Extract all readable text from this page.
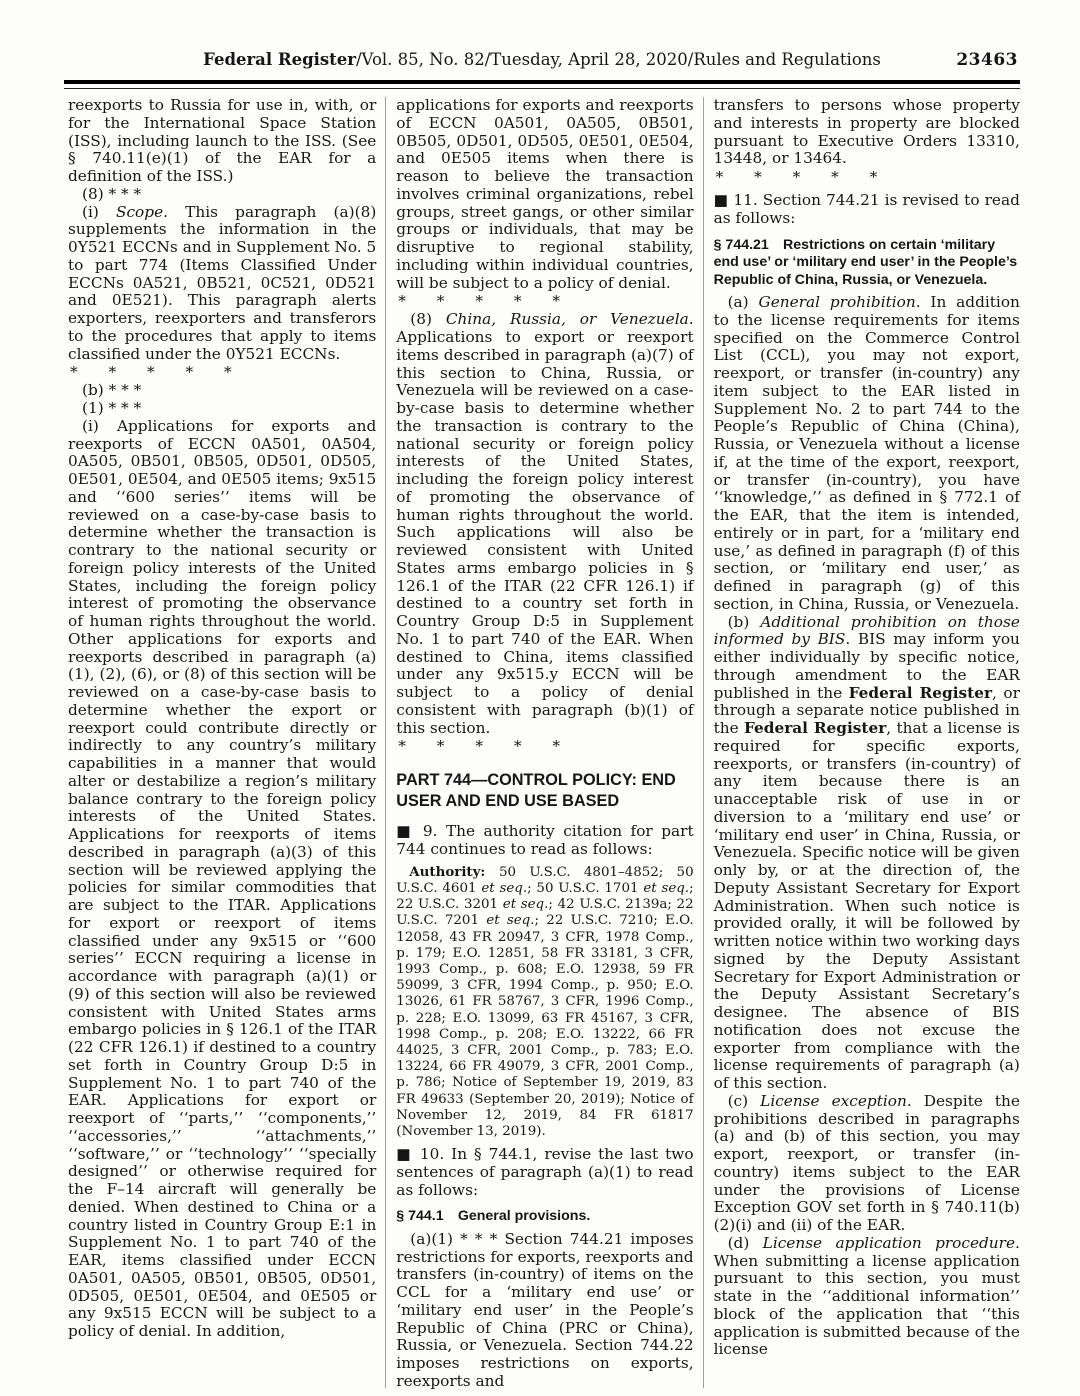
Federal Register/Vol. 85, No. 82/Tuesday, April 28, 2020/Rules and Regulations	23463

reexports to Russia for use in, with, or for the International Space Station (ISS), including launch to the ISS. (See § 740.11(e)(1) of the EAR for a definition of the ISS.)

(8) * * *

(i) Scope. This paragraph (a)(8) supplements the information in the 0Y521 ECCNs and in Supplement No. 5 to part 774 (Items Classified Under ECCNs 0A521, 0B521, 0C521, 0D521 and 0E521). This paragraph alerts exporters, reexporters and transferors to the procedures that apply to items classified under the 0Y521 ECCNs.

* * * * *

(b) * * *

(1) * * *

(i) Applications for exports and reexports of ECCN 0A501, 0A504, 0A505, 0B501, 0B505, 0D501, 0D505, 0E501, 0E504, and 0E505 items; 9x515 and ‘‘600 series’’ items will be reviewed on a case-by-case basis to determine whether the transaction is contrary to the national security or foreign policy interests of the United States, including the foreign policy interest of promoting the observance of human rights throughout the world. Other applications for exports and reexports described in paragraph (a)(1), (2), (6), or (8) of this section will be reviewed on a case-by-case basis to determine whether the export or reexport could contribute directly or indirectly to any country’s military capabilities in a manner that would alter or destabilize a region’s military balance contrary to the foreign policy interests of the United States. Applications for reexports of items described in paragraph (a)(3) of this section will be reviewed applying the policies for similar commodities that are subject to the ITAR. Applications for export or reexport of items classified under any 9x515 or ‘‘600 series’’ ECCN requiring a license in accordance with paragraph (a)(1) or (9) of this section will also be reviewed consistent with United States arms embargo policies in § 126.1 of the ITAR (22 CFR 126.1) if destined to a country set forth in Country Group D:5 in Supplement No. 1 to part 740 of the EAR. Applications for export or reexport of ‘‘parts,’’ ‘‘components,’’ ‘‘accessories,’’ ‘‘attachments,’’ ‘‘software,’’ or ‘‘technology’’ ‘‘specially designed’’ or otherwise required for the F–14 aircraft will generally be denied. When destined to China or a country listed in Country Group E:1 in Supplement No. 1 to part 740 of the EAR, items classified under ECCN 0A501, 0A505, 0B501, 0B505, 0D501, 0D505, 0E501, 0E504, and 0E505 or any 9x515 ECCN will be subject to a policy of denial. In addition,

applications for exports and reexports of ECCN 0A501, 0A505, 0B501, 0B505, 0D501, 0D505, 0E501, 0E504, and 0E505 items when there is reason to believe the transaction involves criminal organizations, rebel groups, street gangs, or other similar groups or individuals, that may be disruptive to regional stability, including within individual countries, will be subject to a policy of denial.

* * * * *

(8) China, Russia, or Venezuela. Applications to export or reexport items described in paragraph (a)(7) of this section to China, Russia, or Venezuela will be reviewed on a case-by-case basis to determine whether the transaction is contrary to the national security or foreign policy interests of the United States, including the foreign policy interest of promoting the observance of human rights throughout the world. Such applications will also be reviewed consistent with United States arms embargo policies in § 126.1 of the ITAR (22 CFR 126.1) if destined to a country set forth in Country Group D:5 in Supplement No. 1 to part 740 of the EAR. When destined to China, items classified under any 9x515.y ECCN will be subject to a policy of denial consistent with paragraph (b)(1) of this section.

* * * * *

PART 744—CONTROL POLICY: END USER AND END USE BASED

■ 9. The authority citation for part 744 continues to read as follows:

Authority: 50 U.S.C. 4801–4852; 50 U.S.C. 4601 et seq.; 50 U.S.C. 1701 et seq.; 22 U.S.C. 3201 et seq.; 42 U.S.C. 2139a; 22 U.S.C. 7201 et seq.; 22 U.S.C. 7210; E.O. 12058, 43 FR 20947, 3 CFR, 1978 Comp., p. 179; E.O. 12851, 58 FR 33181, 3 CFR, 1993 Comp., p. 608; E.O. 12938, 59 FR 59099, 3 CFR, 1994 Comp., p. 950; E.O. 13026, 61 FR 58767, 3 CFR, 1996 Comp., p. 228; E.O. 13099, 63 FR 45167, 3 CFR, 1998 Comp., p. 208; E.O. 13222, 66 FR 44025, 3 CFR, 2001 Comp., p. 783; E.O. 13224, 66 FR 49079, 3 CFR, 2001 Comp., p. 786; Notice of September 19, 2019, 83 FR 49633 (September 20, 2019); Notice of November 12, 2019, 84 FR 61817 (November 13, 2019).

■ 10. In § 744.1, revise the last two sentences of paragraph (a)(1) to read as follows:

§ 744.1  General provisions.

(a)(1) * * * Section 744.21 imposes restrictions for exports, reexports and transfers (in-country) of items on the CCL for a ‘military end use’ or ‘military end user’ in the People’s Republic of China (PRC or China), Russia, or Venezuela. Section 744.22 imposes restrictions on exports, reexports and

transfers to persons whose property and interests in property are blocked pursuant to Executive Orders 13310, 13448, or 13464.

* * * * *

■ 11. Section 744.21 is revised to read as follows:

§ 744.21  Restrictions on certain ‘military end use’ or ‘military end user’ in the People’s Republic of China, Russia, or Venezuela.

(a) General prohibition. In addition to the license requirements for items specified on the Commerce Control List (CCL), you may not export, reexport, or transfer (in-country) any item subject to the EAR listed in Supplement No. 2 to part 744 to the People’s Republic of China (China), Russia, or Venezuela without a license if, at the time of the export, reexport, or transfer (in-country), you have ‘‘knowledge,’’ as defined in § 772.1 of the EAR, that the item is intended, entirely or in part, for a ‘military end use,’ as defined in paragraph (f) of this section, or ‘military end user,’ as defined in paragraph (g) of this section, in China, Russia, or Venezuela.

(b) Additional prohibition on those informed by BIS. BIS may inform you either individually by specific notice, through amendment to the EAR published in the Federal Register, or through a separate notice published in the Federal Register, that a license is required for specific exports, reexports, or transfers (in-country) of any item because there is an unacceptable risk of use in or diversion to a ‘military end use’ or ‘military end user’ in China, Russia, or Venezuela. Specific notice will be given only by, or at the direction of, the Deputy Assistant Secretary for Export Administration. When such notice is provided orally, it will be followed by written notice within two working days signed by the Deputy Assistant Secretary for Export Administration or the Deputy Assistant Secretary’s designee. The absence of BIS notification does not excuse the exporter from compliance with the license requirements of paragraph (a) of this section.

(c) License exception. Despite the prohibitions described in paragraphs (a) and (b) of this section, you may export, reexport, or transfer (in-country) items subject to the EAR under the provisions of License Exception GOV set forth in § 740.11(b)(2)(i) and (ii) of the EAR.

(d) License application procedure. When submitting a license application pursuant to this section, you must state in the ‘‘additional information’’ block of the application that ‘‘this application is submitted because of the license
